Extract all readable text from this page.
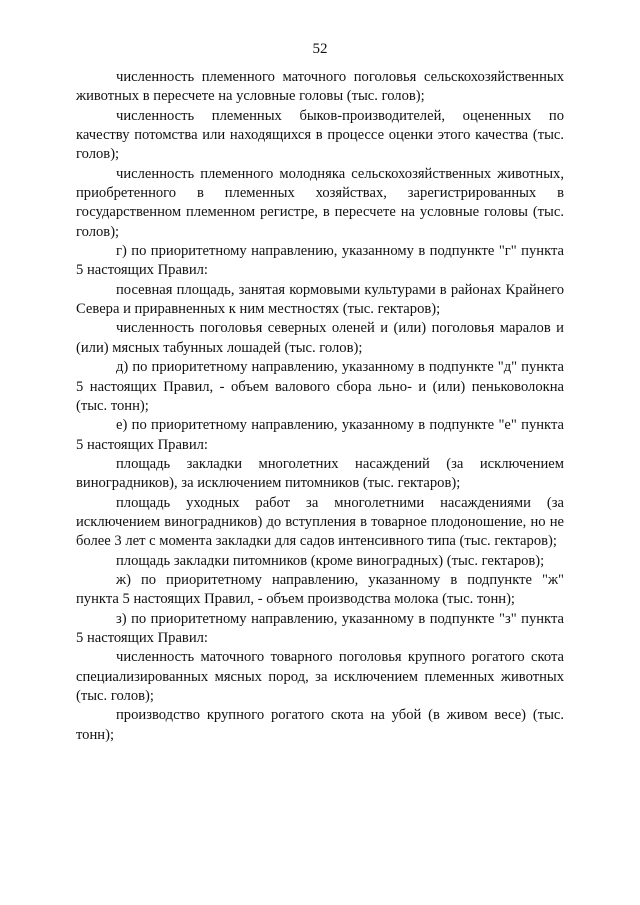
52

численность племенного маточного поголовья сельскохозяйственных животных в пересчете на условные головы (тыс. голов);

численность племенных быков-производителей, оцененных по качеству потомства или находящихся в процессе оценки этого качества (тыс. голов);

численность племенного молодняка сельскохозяйственных животных, приобретенного в племенных хозяйствах, зарегистрированных в государственном племенном регистре, в пересчете на условные головы (тыс. голов);

г) по приоритетному направлению, указанному в подпункте "г" пункта 5 настоящих Правил:

посевная площадь, занятая кормовыми культурами в районах Крайнего Севера и приравненных к ним местностях (тыс. гектаров);

численность поголовья северных оленей и (или) поголовья маралов и (или) мясных табунных лошадей (тыс. голов);

д) по приоритетному направлению, указанному в подпункте "д" пункта 5 настоящих Правил, - объем валового сбора льно- и (или) пеньковолокна (тыс. тонн);

е) по приоритетному направлению, указанному в подпункте "е" пункта 5 настоящих Правил:

площадь закладки многолетних насаждений (за исключением виноградников), за исключением питомников (тыс. гектаров);

площадь уходных работ за многолетними насаждениями (за исключением виноградников) до вступления в товарное плодоношение, но не более 3 лет с момента закладки для садов интенсивного типа (тыс. гектаров);

площадь закладки питомников (кроме виноградных) (тыс. гектаров);

ж) по приоритетному направлению, указанному в подпункте "ж" пункта 5 настоящих Правил, - объем производства молока (тыс. тонн);

з) по приоритетному направлению, указанному в подпункте "з" пункта 5 настоящих Правил:

численность маточного товарного поголовья крупного рогатого скота специализированных мясных пород, за исключением племенных животных (тыс. голов);

производство крупного рогатого скота на убой (в живом весе) (тыс. тонн);
